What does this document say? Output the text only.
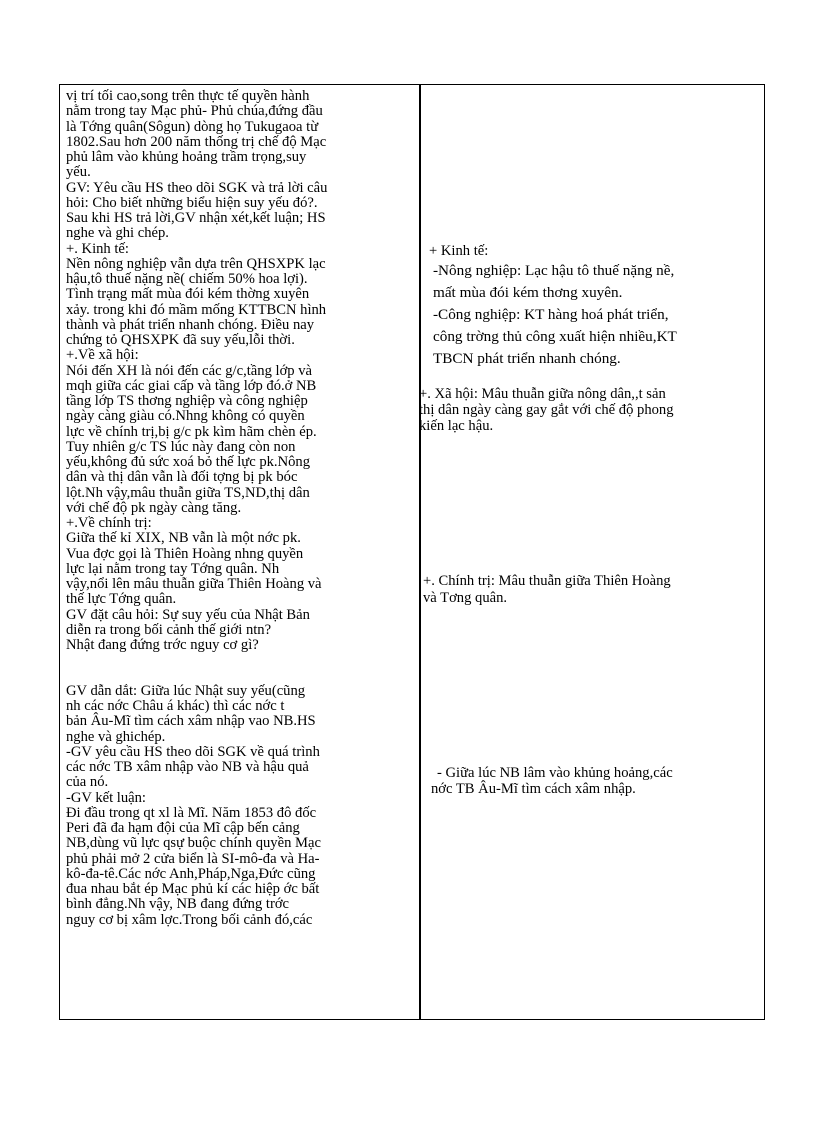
vị trí tối cao,song trên thực tế quyền hành
nằm trong tay Mạc phủ- Phủ chúa,đứng đầu
là Tớng quân(Sôgun) dòng họ Tukugaoa từ
1802.Sau hơn 200 năm thống trị chế độ Mạc
phủ lâm vào khủng hoảng trầm trọng,suy
yếu.
GV: Yêu cầu HS theo dõi SGK và trả lời câu
hỏi: Cho biết những biểu hiện suy yếu đó?.
Sau khi HS trả lời,GV nhận xét,kết luận; HS
nghe và ghi chép.
+. Kinh tế:
Nền nông nghiệp vẫn dựa trên QHSXPK lạc
hậu,tô thuế nặng nề( chiếm 50% hoa lợi).
Tình trạng mất mùa đói kém thờng xuyên
xảy. trong khi đó mầm mống KTTBCN hình
thành và phát triển nhanh chóng. Điều nay
chứng tỏ QHSXPK đã suy yếu,lỗi thời.
+.Về xã hội:
Nói đến XH là nói đến các g/c,tầng lớp và
mqh giữa các giai cấp và tầng lớp đó.ở NB
tầng lớp TS thơng nghiệp và công nghiệp
ngày càng giàu có.Nhng không có quyền
lực về chính trị,bị g/c pk kìm hãm chèn ép.
Tuy nhiên g/c TS lúc này đang còn non
yếu,không đủ sức xoá bỏ thế lực pk.Nông
dân và thị dân vẫn là đối tợng bị pk bóc
lột.Nh vậy,mâu thuẫn giữa TS,ND,thị dân
với chế độ pk ngày càng tăng.
+.Về chính trị:
Giữa thế kỉ XIX, NB vẫn là một nớc pk.
Vua đợc gọi là Thiên Hoàng nhng quyền
lực lại nằm trong tay Tớng quân. Nh
vậy,nổi lên mâu thuẫn giữa Thiên Hoàng và
thế lực Tớng quân.
GV đặt câu hỏi: Sự suy yếu của Nhật Bản
diễn ra trong bối cảnh thế giới ntn?
Nhật đang đứng trớc nguy cơ gì?
GV dẫn dắt: Giữa lúc Nhật suy yếu(cũng
nh các nớc Châu á khác) thì các nớc t
bản Âu-Mĩ tìm cách xâm nhập vao NB.HS
nghe và ghichép.
-GV yêu cầu HS theo dõi SGK về quá trình
các nớc TB xâm nhập vào NB và hậu quả
của nó.
-GV kết luận:
Đi đầu trong qt xl là Mĩ. Năm 1853 đô đốc
Peri đã đa hạm đội của Mĩ cập bến cảng
NB,dùng vũ lực qsự buộc chính quyền Mạc
phủ phải mở 2 cửa biển là SI-mô-đa và Ha-
kô-đa-tê.Các nớc Anh,Pháp,Nga,Đức cũng
đua nhau bắt ép Mạc phủ kí các hiệp ớc bất
bình đẳng.Nh vậy, NB đang đứng trớc
nguy cơ bị xâm lợc.Trong bối cảnh đó,các
+ Kinh tế:
-Nông nghiệp: Lạc hậu tô thuế nặng nề,
mất mùa đói kém thơng xuyên.
-Công nghiệp: KT hàng hoá phát triển,
công trờng thủ công xuất hiện nhiều,KT
TBCN phát triển nhanh chóng.
+. Xã hội: Mâu thuẫn giữa nông dân,,t sản
thị dân ngày càng gay gắt với chế độ phong
kiến lạc hậu.
+. Chính trị: Mâu thuẫn giữa Thiên Hoàng
và Tơng quân.
- Giữa lúc NB lâm vào khủng hoảng,các
nớc TB Âu-Mĩ tìm cách xâm nhập.
